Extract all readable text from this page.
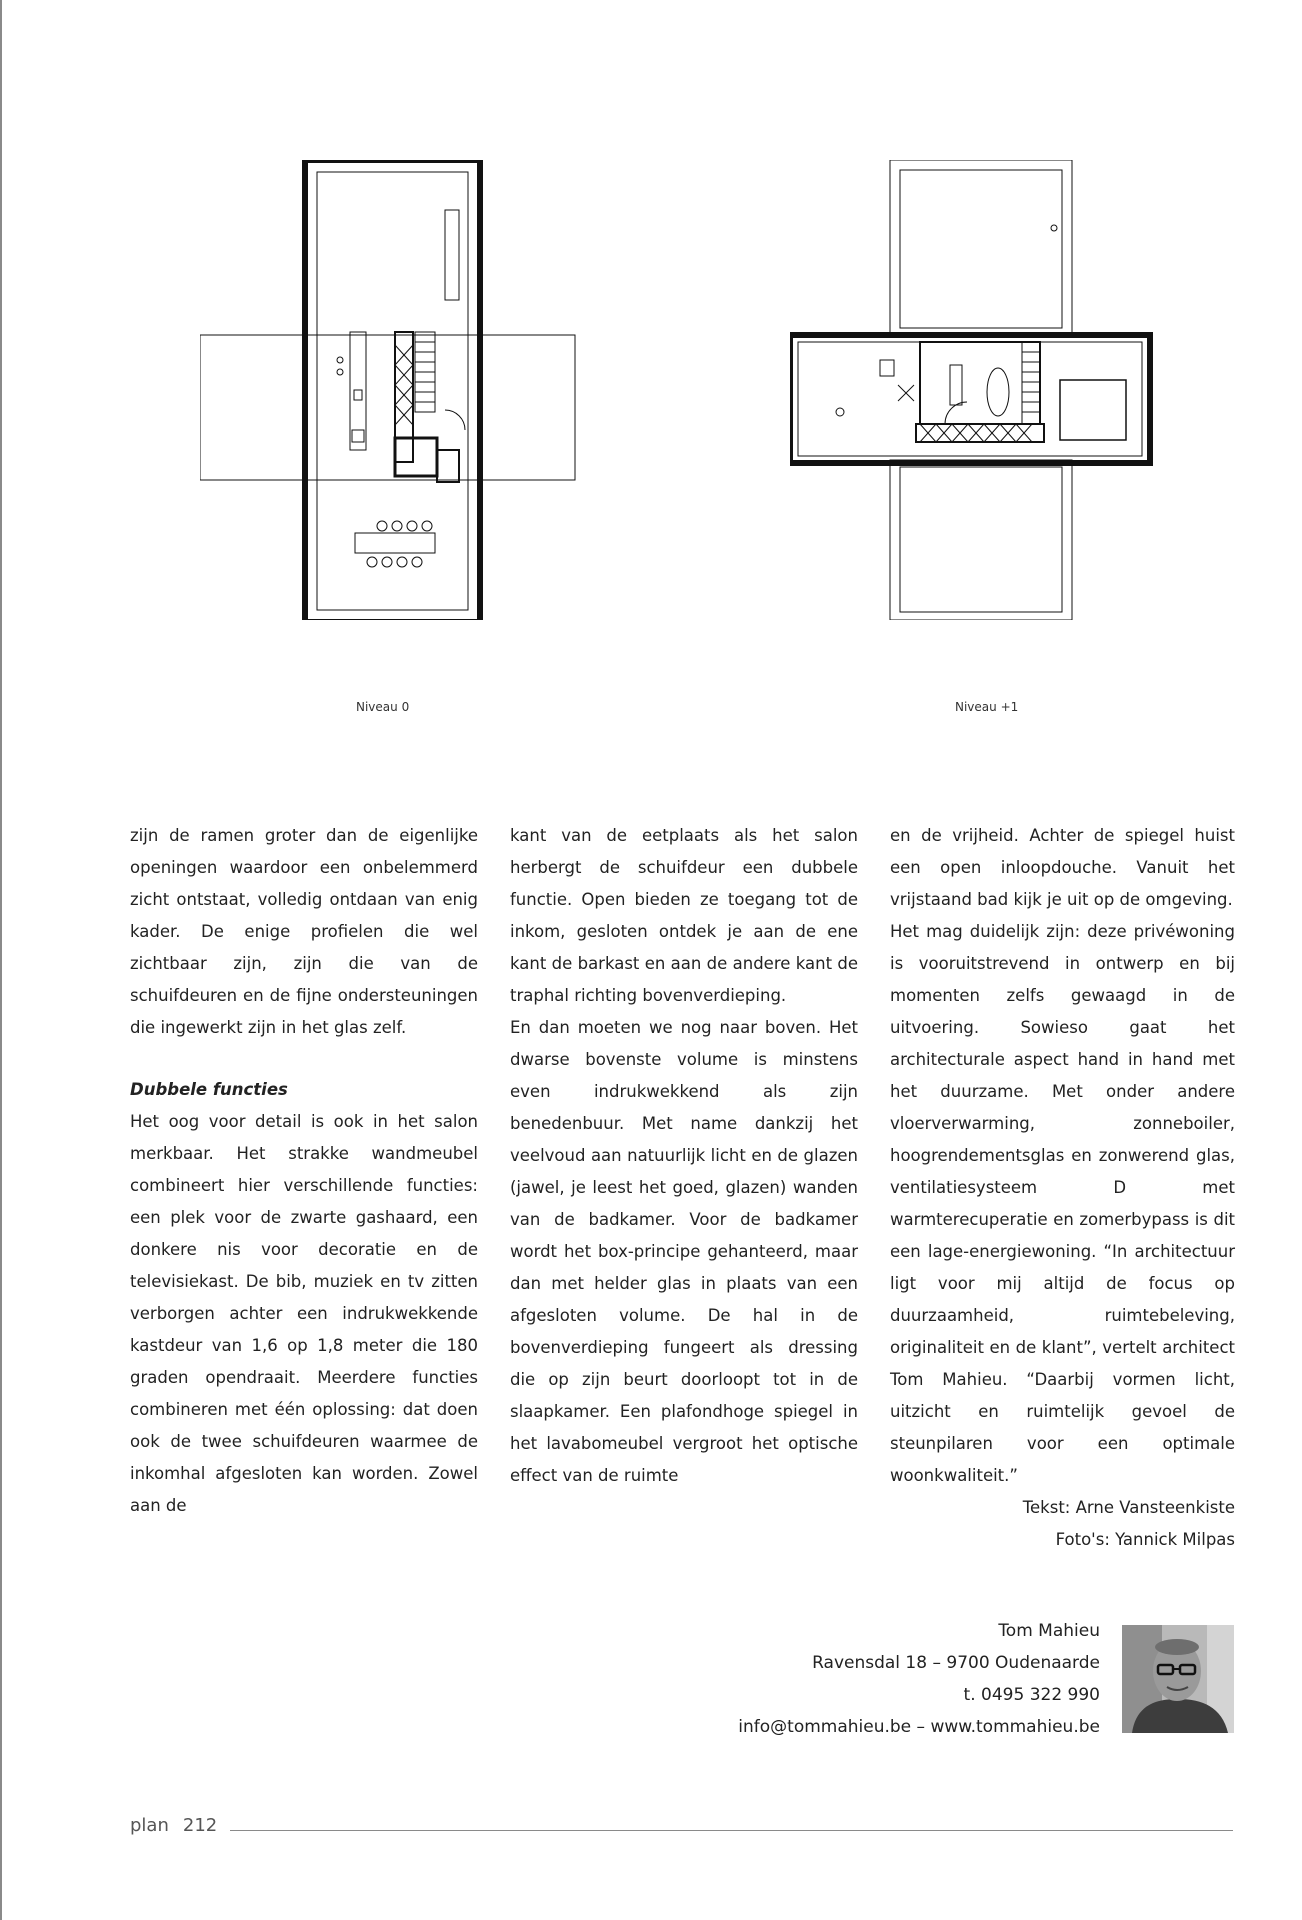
Niveau 0	Niveau +1

zijn de ramen groter dan de eigenlijke openingen waardoor een onbelemmerd zicht ontstaat, volledig ontdaan van enig kader. De enige profielen die wel zichtbaar zijn, zijn die van de schuifdeuren en de fijne ondersteuningen die ingewerkt zijn in het glas zelf.

Dubbele functies

Het oog voor detail is ook in het salon merkbaar. Het strakke wandmeubel combineert hier verschillende functies: een plek voor de zwarte gashaard, een donkere nis voor decoratie en de televisiekast. De bib, muziek en tv zitten verborgen achter een indrukwekkende kastdeur van 1,6 op 1,8 meter die 180 graden opendraait. Meerdere functies combineren met één oplossing: dat doen ook de twee schuifdeuren waarmee de inkomhal afgesloten kan worden. Zowel aan de

kant van de eetplaats als het salon herbergt de schuifdeur een dubbele functie. Open bieden ze toegang tot de inkom, gesloten ontdek je aan de ene kant de barkast en aan de andere kant de traphal richting bovenverdieping.

En dan moeten we nog naar boven. Het dwarse bovenste volume is minstens even indrukwekkend als zijn benedenbuur. Met name dankzij het veelvoud aan natuurlijk licht en de glazen (jawel, je leest het goed, glazen) wanden van de badkamer. Voor de badkamer wordt het box-principe gehanteerd, maar dan met helder glas in plaats van een afgesloten volume. De hal in de bovenverdieping fungeert als dressing die op zijn beurt doorloopt tot in de slaapkamer. Een plafondhoge spiegel in het lavabomeubel vergroot het optische effect van de ruimte

en de vrijheid. Achter de spiegel huist een open inloopdouche. Vanuit het vrijstaand bad kijk je uit op de omgeving.

Het mag duidelijk zijn: deze privéwoning is vooruitstrevend in ontwerp en bij momenten zelfs gewaagd in de uitvoering. Sowieso gaat het architecturale aspect hand in hand met het duurzame. Met onder andere vloerverwarming, zonneboiler, hoogrendementsglas en zonwerend glas, ventilatiesysteem D met warmterecuperatie en zomerbypass is dit een lage-energiewoning. “In architectuur ligt voor mij altijd de focus op duurzaamheid, ruimtebeleving, originaliteit en de klant”, vertelt architect Tom Mahieu. “Daarbij vormen licht, uitzicht en ruimtelijk gevoel de steunpilaren voor een optimale woonkwaliteit.”

Tekst: Arne Vansteenkiste

Foto's: Yannick Milpas

Tom Mahieu
Ravensdal 18 – 9700 Oudenaarde
t. 0495 322 990
info@tommahieu.be – www.tommahieu.be
plan 212
